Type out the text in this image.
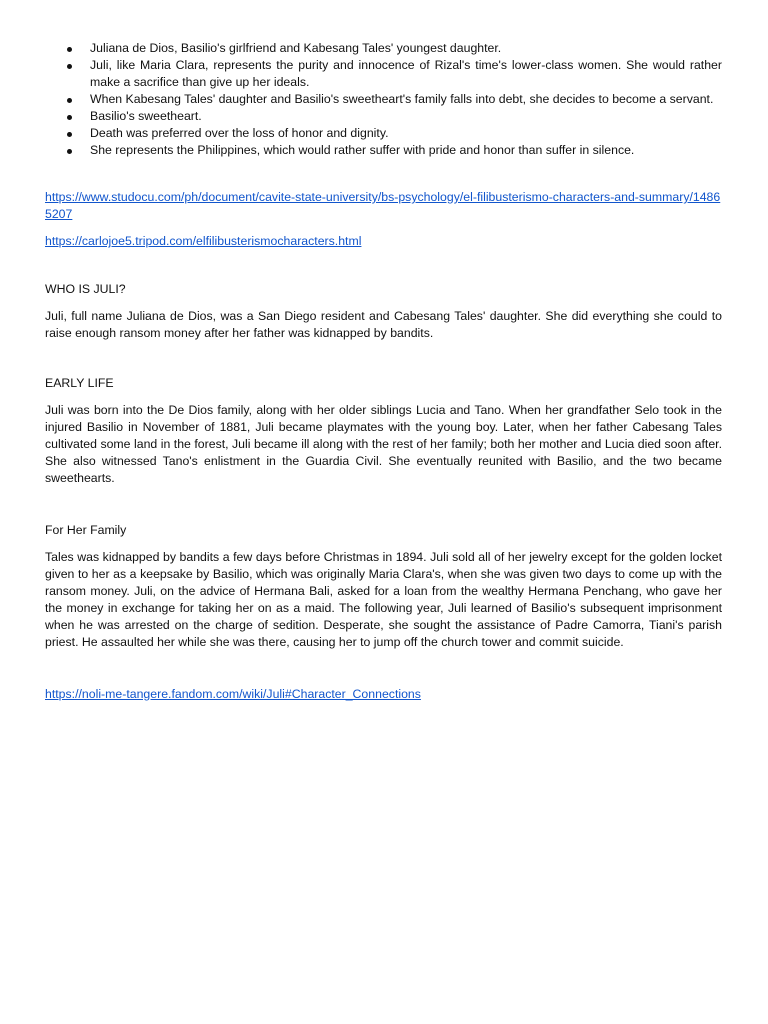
Juliana de Dios, Basilio's girlfriend and Kabesang Tales' youngest daughter.
Juli, like Maria Clara, represents the purity and innocence of Rizal's time's lower-class women. She would rather make a sacrifice than give up her ideals.
When Kabesang Tales' daughter and Basilio's sweetheart's family falls into debt, she decides to become a servant.
Basilio's sweetheart.
Death was preferred over the loss of honor and dignity.
She represents the Philippines, which would rather suffer with pride and honor than suffer in silence.
https://www.studocu.com/ph/document/cavite-state-university/bs-psychology/el-filibusterismo-characters-and-summary/14865207
https://carlojoe5.tripod.com/elfilibusterismocharacters.html
WHO IS JULI?
Juli, full name Juliana de Dios, was a San Diego resident and Cabesang Tales' daughter. She did everything she could to raise enough ransom money after her father was kidnapped by bandits.
EARLY LIFE
Juli was born into the De Dios family, along with her older siblings Lucia and Tano. When her grandfather Selo took in the injured Basilio in November of 1881, Juli became playmates with the young boy. Later, when her father Cabesang Tales cultivated some land in the forest, Juli became ill along with the rest of her family; both her mother and Lucia died soon after. She also witnessed Tano's enlistment in the Guardia Civil. She eventually reunited with Basilio, and the two became sweethearts.
For Her Family
Tales was kidnapped by bandits a few days before Christmas in 1894. Juli sold all of her jewelry except for the golden locket given to her as a keepsake by Basilio, which was originally Maria Clara's, when she was given two days to come up with the ransom money. Juli, on the advice of Hermana Bali, asked for a loan from the wealthy Hermana Penchang, who gave her the money in exchange for taking her on as a maid. The following year, Juli learned of Basilio's subsequent imprisonment when he was arrested on the charge of sedition. Desperate, she sought the assistance of Padre Camorra, Tiani's parish priest. He assaulted her while she was there, causing her to jump off the church tower and commit suicide.
https://noli-me-tangere.fandom.com/wiki/Juli#Character_Connections
